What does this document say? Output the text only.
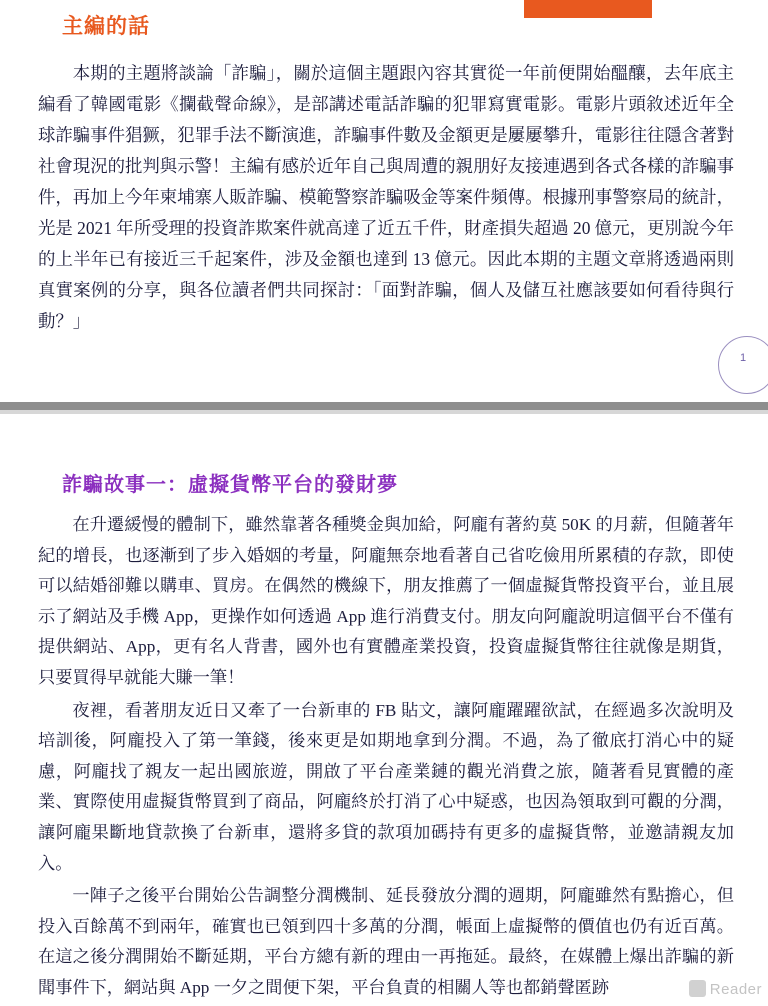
主編的話

本期的主題將談論「詐騙」，關於這個主題跟內容其實從一年前便開始醞釀，去年底主編看了韓國電影《攔截聲命線》，是部講述電話詐騙的犯罪寫實電影。電影片頭敘述近年全球詐騙事件猖獗，犯罪手法不斷演進，詐騙事件數及金額更是屢屢攀升，電影往往隱含著對社會現況的批判與示警！主編有感於近年自己與周遭的親朋好友接連遇到各式各樣的詐騙事件，再加上今年柬埔寨人販詐騙、模範警察詐騙吸金等案件頻傳。根據刑事警察局的統計，光是 2021 年所受理的投資詐欺案件就高達了近五千件，財產損失超過 20 億元，更別說今年的上半年已有接近三千起案件，涉及金額也達到 13 億元。因此本期的主題文章將透過兩則真實案例的分享，與各位讀者們共同探討：「面對詐騙，個人及儲互社應該要如何看待與行動？」

1
詐騙故事一：虛擬貨幣平台的發財夢

在升遷緩慢的體制下，雖然靠著各種獎金與加給，阿龐有著約莫 50K 的月薪，但隨著年紀的增長，也逐漸到了步入婚姻的考量，阿龐無奈地看著自己省吃儉用所累積的存款，即使可以結婚卻難以購車、買房。在偶然的機線下，朋友推薦了一個虛擬貨幣投資平台，並且展示了網站及手機 App，更操作如何透過 App 進行消費支付。朋友向阿龐說明這個平台不僅有提供網站、App，更有名人背書，國外也有實體產業投資，投資虛擬貨幣往往就像是期貨，只要買得早就能大賺一筆！

夜裡，看著朋友近日又牽了一台新車的 FB 貼文，讓阿龐躍躍欲試，在經過多次說明及培訓後，阿龐投入了第一筆錢，後來更是如期地拿到分潤。不過，為了徹底打消心中的疑慮，阿龐找了親友一起出國旅遊，開啟了平台產業鏈的觀光消費之旅，隨著看見實體的產業、實際使用虛擬貨幣買到了商品，阿龐終於打消了心中疑惑，也因為領取到可觀的分潤，讓阿龐果斷地貸款換了台新車，還將多貸的款項加碼持有更多的虛擬貨幣，並邀請親友加入。

一陣子之後平台開始公告調整分潤機制、延長發放分潤的週期，阿龐雖然有點擔心，但投入百餘萬不到兩年，確實也已領到四十多萬的分潤，帳面上虛擬幣的價值也仍有近百萬。在這之後分潤開始不斷延期，平台方總有新的理由一再拖延。最終，在媒體上爆出詐騙的新聞事件下，網站與 App 一夕之間便下架，平台負責的相關人等也都銷聲匿跡	Reader
